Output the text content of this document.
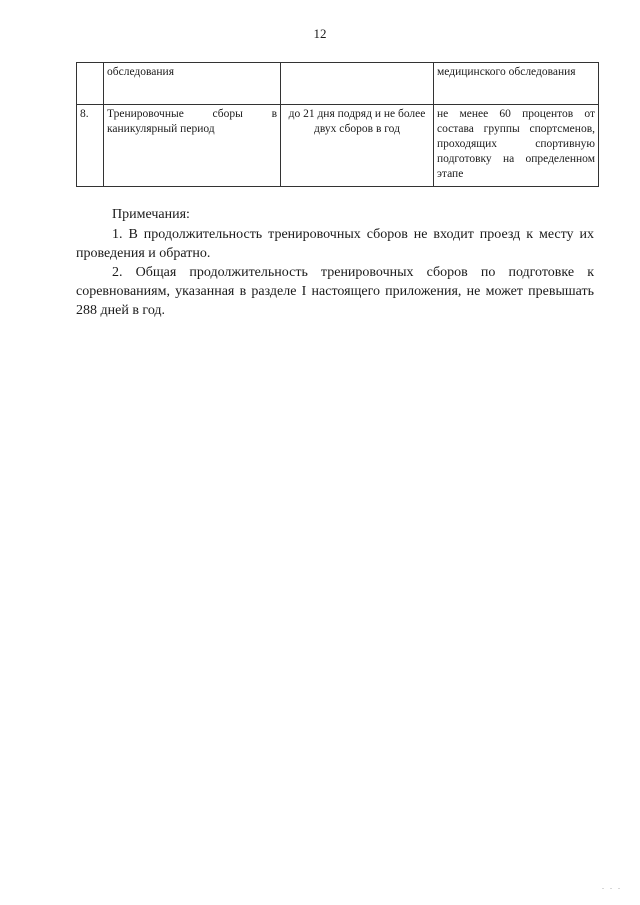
12
	обследования		медицинского обследования
8.	Тренировочные сборы в каникулярный период	до 21 дня подряд и не более двух сборов в год	не менее 60 процентов от состава группы спортсменов, проходящих спортивную подготовку на определенном этапе

Примечания:

1. В продолжительность тренировочных сборов не входит проезд к месту их проведения и обратно.

2. Общая продолжительность тренировочных сборов по подготовке к соревнованиям, указанная в разделе I настоящего приложения, не может превышать 288 дней в год.

. . .
